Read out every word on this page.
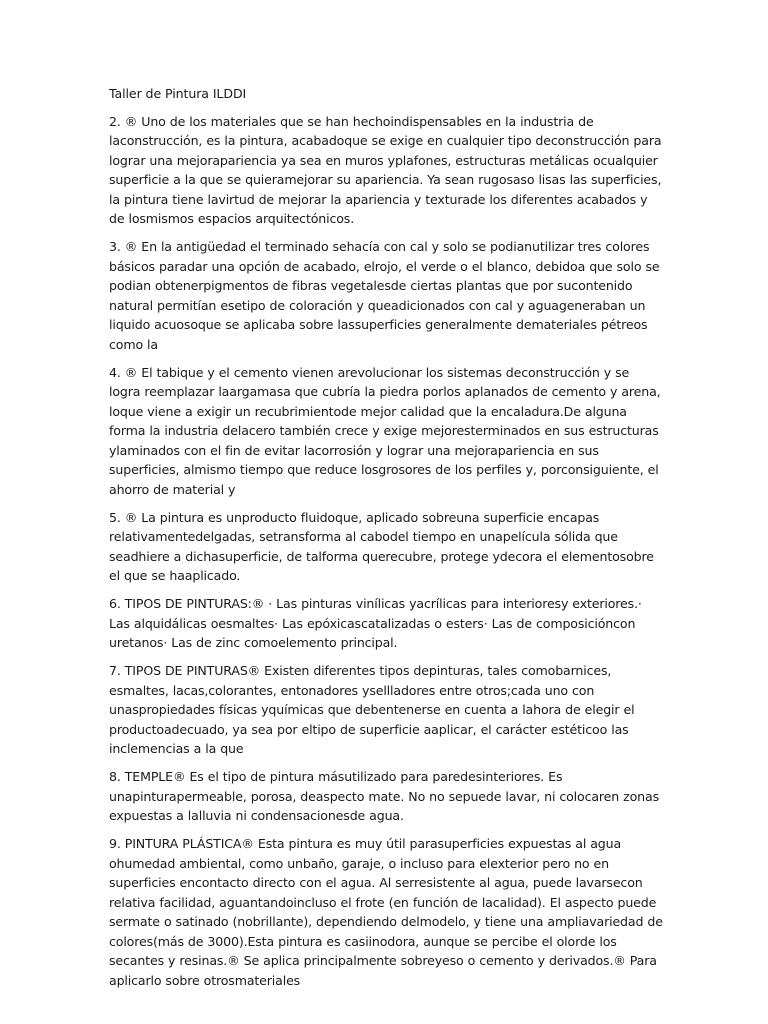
Taller de Pintura ILDDI

2. ® Uno de los materiales que se han hechoindispensables en la industria de laconstrucción, es la pintura, acabadoque se exige en cualquier tipo deconstrucción para lograr una mejorapariencia ya sea en muros yplafones, estructuras metálicas ocualquier superficie a la que se quieramejorar su apariencia. Ya sean rugosaso lisas las superficies, la pintura tiene lavirtud de mejorar la apariencia y texturade los diferentes acabados y de losmismos espacios arquitectónicos.

3. ® En la antigüedad el terminado sehacía con cal y solo se podianutilizar tres colores básicos paradar una opción de acabado, elrojo, el verde o el blanco, debidoa que solo se podian obtenerpigmentos de fibras vegetalesde ciertas plantas que por sucontenido natural permitían esetipo de coloración y queadicionados con cal y aguageneraban un liquido acuosoque se aplicaba sobre lassuperficies generalmente demateriales pétreos como la

4. ® El tabique y el cemento vienen arevolucionar los sistemas deconstrucción y se logra reemplazar laargamasa que cubría la piedra porlos aplanados de cemento y arena, loque viene a exigir un recubrimientode mejor calidad que la encaladura.De alguna forma la industria delacero también crece y exige mejoresterminados en sus estructuras ylaminados con el fin de evitar lacorrosión y lograr una mejorapariencia en sus superficies, almismo tiempo que reduce losgrosores de los perfiles y, porconsiguiente, el ahorro de material y

5. ® La pintura es unproducto fluidoque, aplicado sobreuna superficie encapas relativamentedelgadas, setransforma al cabodel tiempo en unapelícula sólida que seadhiere a dichasuperficie, de talforma querecubre, protege ydecora el elementosobre el que se haaplicado.

6. TIPOS DE PINTURAS:® · Las pinturas vinílicas yacrílicas para interioresy exteriores.· Las alquidálicas oesmaltes· Las epóxicascatalizadas o esters· Las de composicióncon uretanos· Las de zinc comoelemento principal.

7. TIPOS DE PINTURAS® Existen diferentes tipos depinturas, tales comobarnices, esmaltes, lacas,colorantes, entonadores ysellladores entre otros;cada uno con unaspropiedades físicas yquímicas que debentenerse en cuenta a lahora de elegir el productoadecuado, ya sea por eltipo de superficie aaplicar, el carácter estéticoo las inclemencias a la que

8. TEMPLE® Es el tipo de pintura másutilizado para paredesinteriores. Es unapinturapermeable, porosa, deaspecto mate. No no sepuede lavar, ni colocaren zonas expuestas a lalluvia ni condensacionesde agua.

9. PINTURA PLÁSTICA® Esta pintura es muy útil parasuperficies expuestas al agua ohumedad ambiental, como unbaño, garaje, o incluso para elexterior pero no en superficies encontacto directo con el agua. Al serresistente al agua, puede lavarsecon relativa facilidad, aguantandoincluso el frote (en función de lacalidad). El aspecto puede sermate o satinado (nobrillante), dependiendo delmodelo, y tiene una ampliavariedad de colores(más de 3000).Esta pintura es casiinodora, aunque se percibe el olorde los secantes y resinas.® Se aplica principalmente sobreyeso o cemento y derivados.® Para aplicarlo sobre otrosmateriales
